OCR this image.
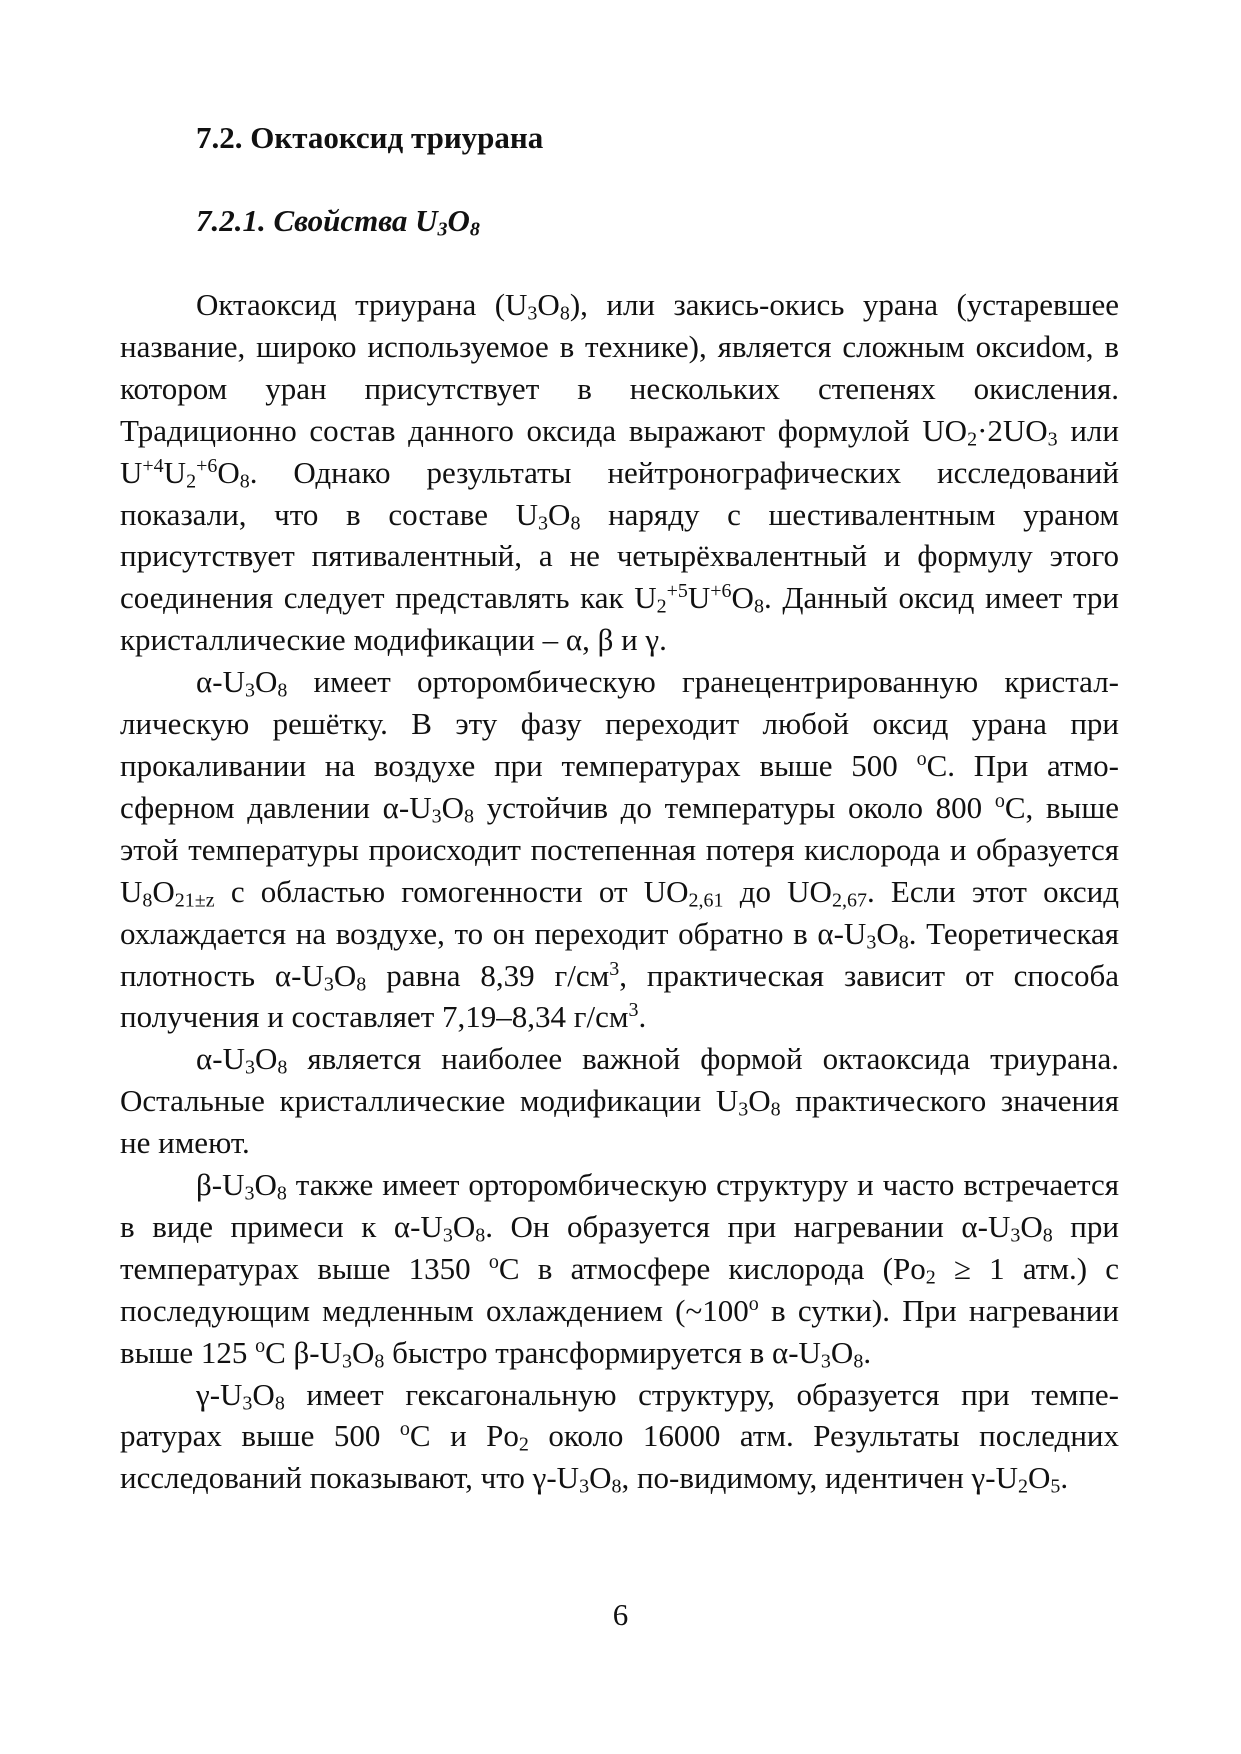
7.2. Октаоксид триурана
7.2.1. Свойства $U_3O_8$

Октаоксид триурана $(U_3O_8)$, или закись-окись урана (устаревшее название, широко используемое в технике), является сложным оксиdом, в котором уран присутствует в нескольких степенях окисления. Традиционно состав данного оксида выражают формулой $UO_2\cdot 2UO_3$ или $U^{+4}U_2^{+6}O_8$. Однако результаты нейтронографических исследований показали, что в составе $U_3O_8$ наряду с шестивалентным ураном присутствует пятивалентный, а не четырёхвалентный и формулу этого соединения следует представлять как $U_2^{+5}U^{+6}O_8$. Данный оксид имеет три кристаллические модификации – α, β и γ.

$\alpha-U_3O_8$ имеет орторомбическую гранецентрированную кристаллическую решётку. В эту фазу переходит любой оксид урана при прокаливании на воздухе при температурах выше 500 $^o$С. При атмосферном давлении $\alpha-U_3O_8$ устойчив до температуры около 800 $^o$С, выше этой температуры происходит постепенная потеря кислорода и образуется $U_8O_{21\pm z}$ с областью гомогенности от $UO_{2,61}$ до $UO_{2,67}$. Если этот оксид охлаждается на воздухе, то он переходит обратно в $\alpha-U_3O_8$. Теоретическая плотность $\alpha-U_3O_8$ равна 8,39 $г/см^3$, практическая зависит от способа получения и составляет 7,19–8,34 $г/см^3$.

$\alpha-U_3O_8$ является наиболее важной формой октаоксида триурана. Остальные кристаллические модификации $U_3O_8$ практического значения не имеют.

$\beta-U_3O_8$ также имеет орторомбическую структуру и часто встречается в виде примеси к $\alpha-U_3O_8$. Он образуется при нагревании $\alpha-U_3O_8$ при температурах выше 1350 $^o$С в атмосфере кислорода ($Pо_2 \ge 1$ атм.) с последующим медленным охлаждением (~100$^o$ в сутки). При нагревании выше 125 $^o$С $\beta-U_3O_8$ быстро трансформируется в $\alpha-U_3O_8$.

$\gamma-U_3O_8$ имеет гексагональную структуру, образуется при температурах выше 500 $^o$С и $Pо_2$ около 16000 атм. Результаты последних исследований показывают, что $\gamma-U_3O_8$, по-видимому, идентичен $\gamma-U_2O_5$.

6
